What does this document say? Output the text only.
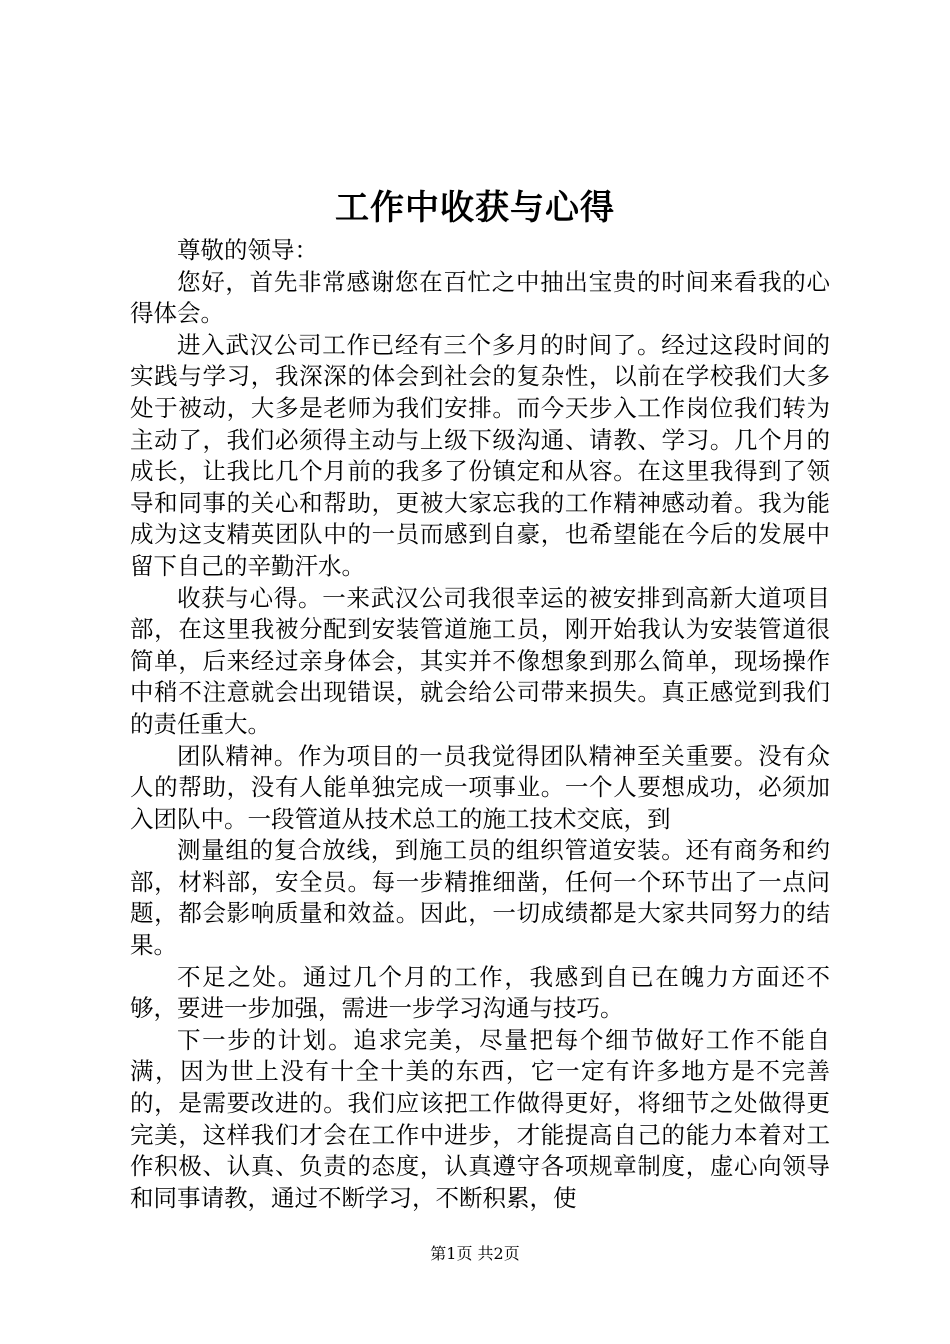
工作中收获与心得

尊敬的领导：

您好，首先非常感谢您在百忙之中抽出宝贵的时间来看我的心得体会。

进入武汉公司工作已经有三个多月的时间了。经过这段时间的实践与学习，我深深的体会到社会的复杂性，以前在学校我们大多处于被动，大多是老师为我们安排。而今天步入工作岗位我们转为主动了，我们必须得主动与上级下级沟通、请教、学习。几个月的成长，让我比几个月前的我多了份镇定和从容。在这里我得到了领导和同事的关心和帮助，更被大家忘我的工作精神感动着。我为能成为这支精英团队中的一员而感到自豪，也希望能在今后的发展中留下自己的辛勤汗水。

收获与心得。一来武汉公司我很幸运的被安排到高新大道项目部，在这里我被分配到安装管道施工员，刚开始我认为安装管道很简单，后来经过亲身体会，其实并不像想象到那么简单，现场操作中稍不注意就会出现错误，就会给公司带来损失。真正感觉到我们的责任重大。

团队精神。作为项目的一员我觉得团队精神至关重要。没有众人的帮助，没有人能单独完成一项事业。一个人要想成功，必须加入团队中。一段管道从技术总工的施工技术交底，到

测量组的复合放线，到施工员的组织管道安装。还有商务和约部，材料部，安全员。每一步精推细凿，任何一个环节出了一点问题，都会影响质量和效益。因此，一切成绩都是大家共同努力的结果。

不足之处。通过几个月的工作，我感到自已在魄力方面还不够，要进一步加强，需进一步学习沟通与技巧。

下一步的计划。追求完美，尽量把每个细节做好工作不能自满，因为世上没有十全十美的东西，它一定有许多地方是不完善的，是需要改进的。我们应该把工作做得更好，将细节之处做得更完美，这样我们才会在工作中进步，才能提高自己的能力本着对工作积极、认真、负责的态度，认真遵守各项规章制度，虚心向领导和同事请教，通过不断学习，不断积累，使

第1页 共2页
